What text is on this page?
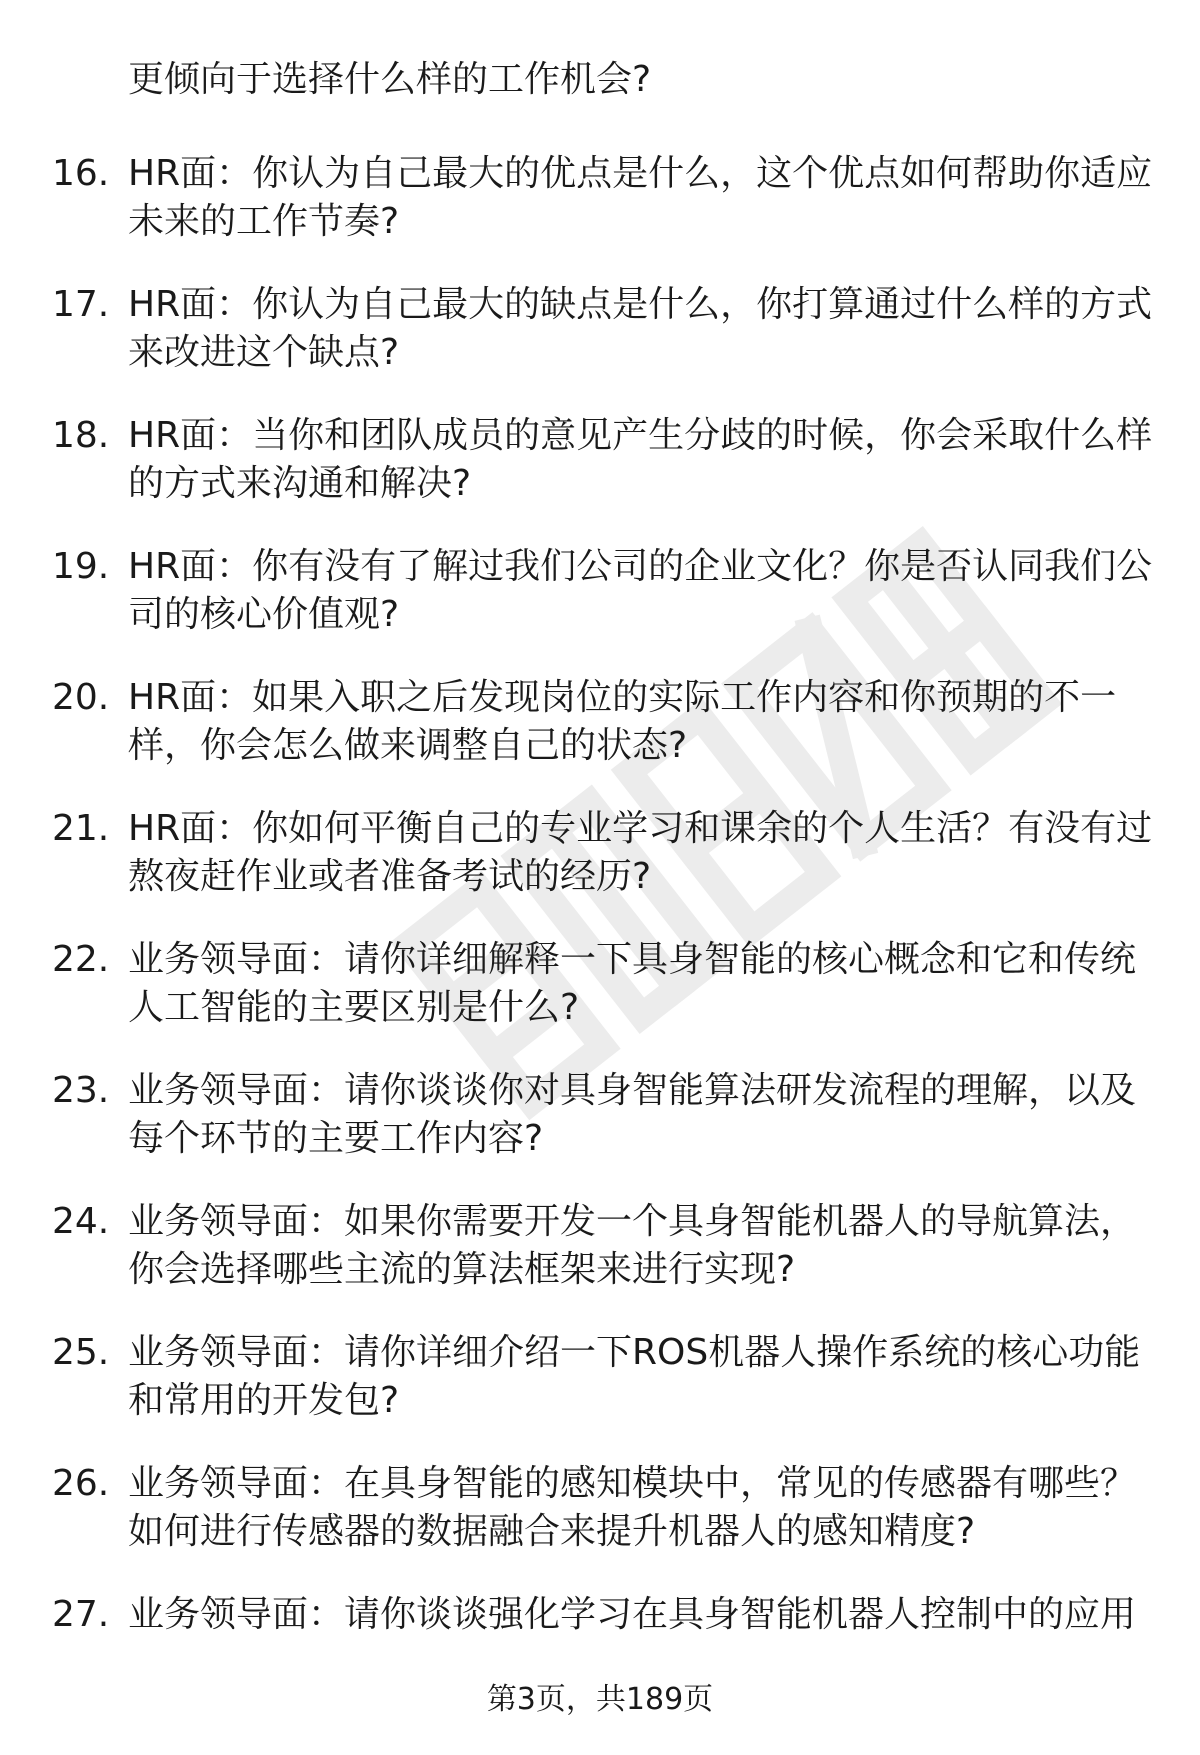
更倾向于选择什么样的工作机会?
16. HR面：你认为自己最大的优点是什么，这个优点如何帮助你适应
未来的工作节奏?
17. HR面：你认为自己最大的缺点是什么，你打算通过什么样的方式
来改进这个缺点?
18. HR面：当你和团队成员的意见产生分歧的时候，你会采取什么样
的方式来沟通和解决?
19. HR面：你有没有了解过我们公司的企业文化？你是否认同我们公
司的核心价值观?
20. HR面：如果入职之后发现岗位的实际工作内容和你预期的不一
样，你会怎么做来调整自己的状态?
21. HR面：你如何平衡自己的专业学习和课余的个人生活？有没有过
熬夜赶作业或者准备考试的经历?
22. 业务领导面：请你详细解释一下具身智能的核心概念和它和传统
人工智能的主要区别是什么?
23. 业务领导面：请你谈谈你对具身智能算法研发流程的理解，以及
每个环节的主要工作内容?
24. 业务领导面：如果你需要开发一个具身智能机器人的导航算法，
你会选择哪些主流的算法框架来进行实现?
25. 业务领导面：请你详细介绍一下ROS机器人操作系统的核心功能
和常用的开发包?
26. 业务领导面：在具身智能的感知模块中，常见的传感器有哪些？
如何进行传感器的数据融合来提升机器人的感知精度?
27. 业务领导面：请你谈谈强化学习在具身智能机器人控制中的应用
第3页，共189页
